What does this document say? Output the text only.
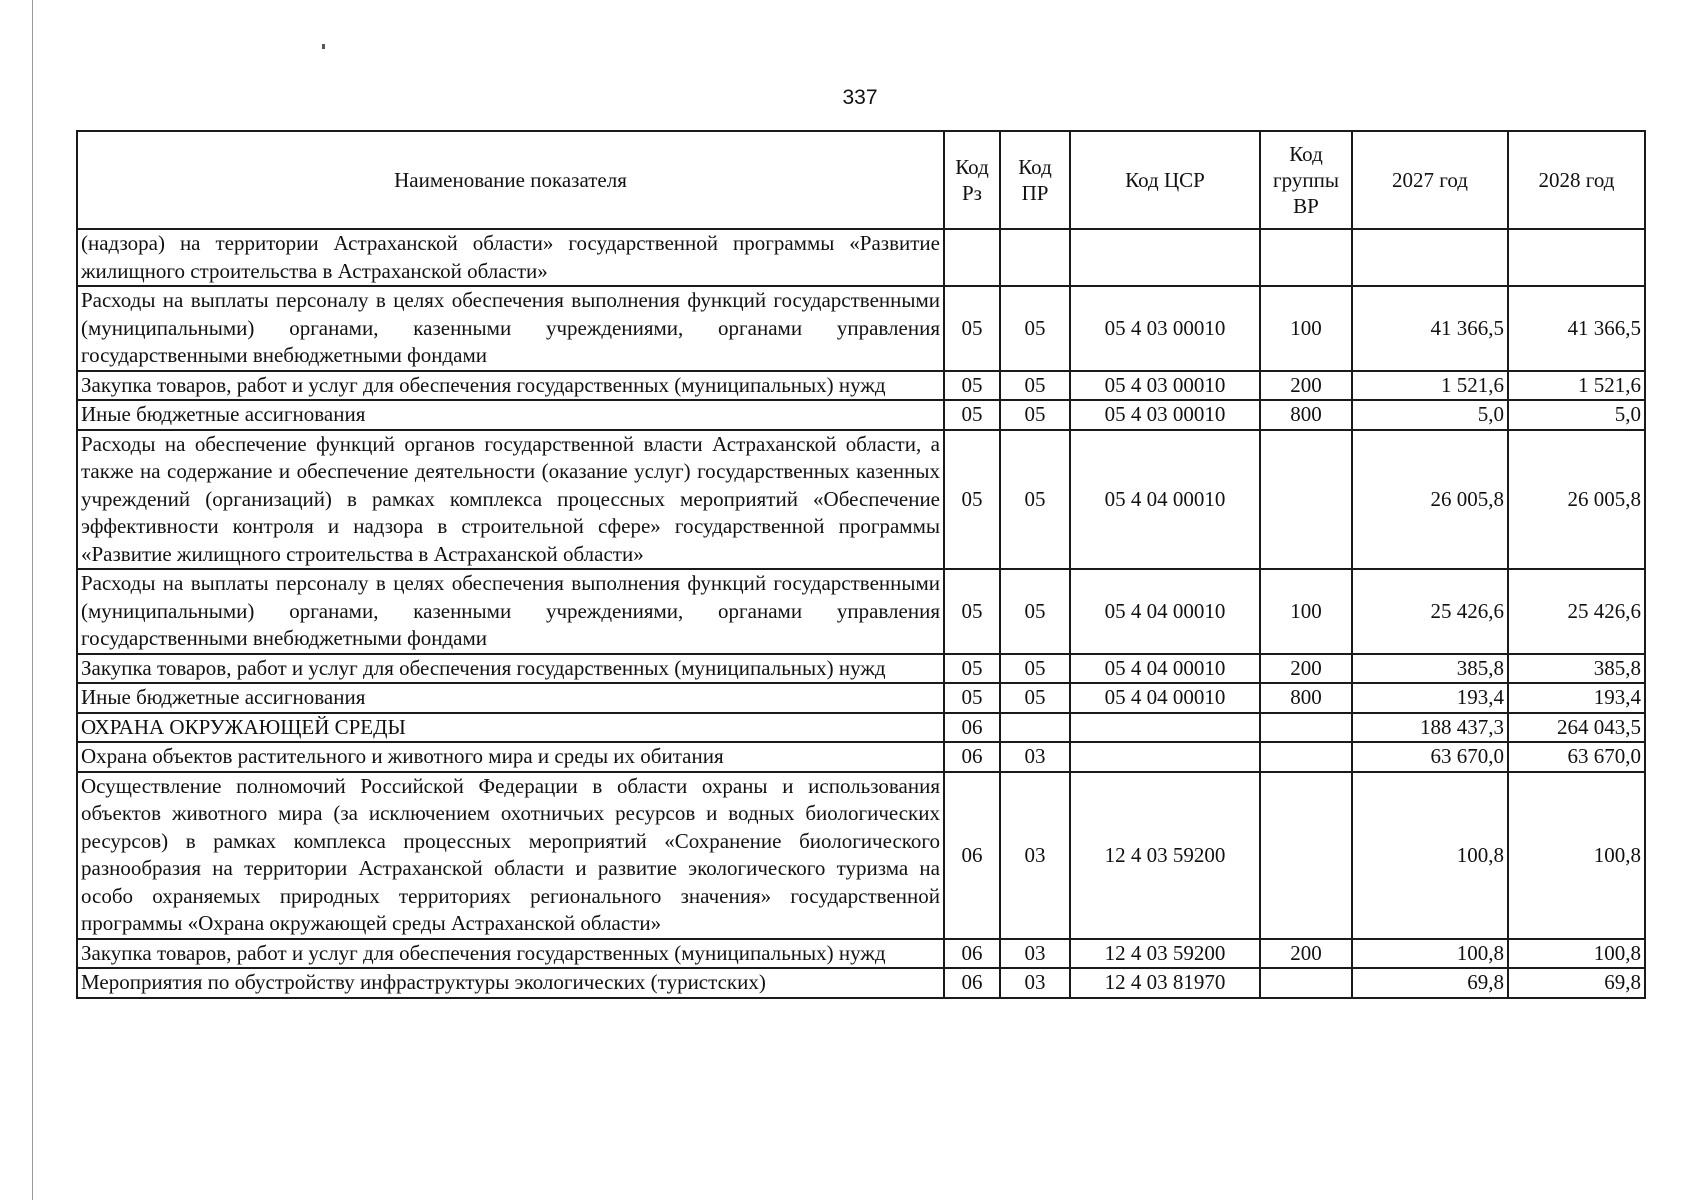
337
Наименование показателя	Код Рз	Код ПР	Код ЦСР	Код группы ВР	2027 год	2028 год
(надзора) на территории Астраханской области» государственной программы «Развитие жилищного строительства в Астраханской области»						
Расходы на выплаты персоналу в целях обеспечения выполнения функций государственными (муниципальными) органами, казенными учреждениями, органами управления государственными внебюджетными фондами	05	05	05 4 03 00010	100	41 366,5	41 366,5
Закупка товаров, работ и услуг для обеспечения государственных (муниципальных) нужд	05	05	05 4 03 00010	200	1 521,6	1 521,6
Иные бюджетные ассигнования	05	05	05 4 03 00010	800	5,0	5,0
Расходы на обеспечение функций органов государственной власти Астраханской области, а также на содержание и обеспечение деятельности (оказание услуг) государственных казенных учреждений (организаций) в рамках комплекса процессных мероприятий «Обеспечение эффективности контроля и надзора в строительной сфере» государственной программы «Развитие жилищного строительства в Астраханской области»	05	05	05 4 04 00010		26 005,8	26 005,8
Расходы на выплаты персоналу в целях обеспечения выполнения функций государственными (муниципальными) органами, казенными учреждениями, органами управления государственными внебюджетными фондами	05	05	05 4 04 00010	100	25 426,6	25 426,6
Закупка товаров, работ и услуг для обеспечения государственных (муниципальных) нужд	05	05	05 4 04 00010	200	385,8	385,8
Иные бюджетные ассигнования	05	05	05 4 04 00010	800	193,4	193,4
ОХРАНА ОКРУЖАЮЩЕЙ СРЕДЫ	06				188 437,3	264 043,5
Охрана объектов растительного и животного мира и среды их обитания	06	03			63 670,0	63 670,0
Осуществление полномочий Российской Федерации в области охраны и использования объектов животного мира (за исключением охотничьих ресурсов и водных биологических ресурсов) в рамках комплекса процессных мероприятий «Сохранение биологического разнообразия на территории Астраханской области и развитие экологического туризма на особо охраняемых природных территориях регионального значения» государственной программы «Охрана окружающей среды Астраханской области»	06	03	12 4 03 59200		100,8	100,8
Закупка товаров, работ и услуг для обеспечения государственных (муниципальных) нужд	06	03	12 4 03 59200	200	100,8	100,8
Мероприятия по обустройству инфраструктуры экологических (туристских)	06	03	12 4 03 81970		69,8	69,8
